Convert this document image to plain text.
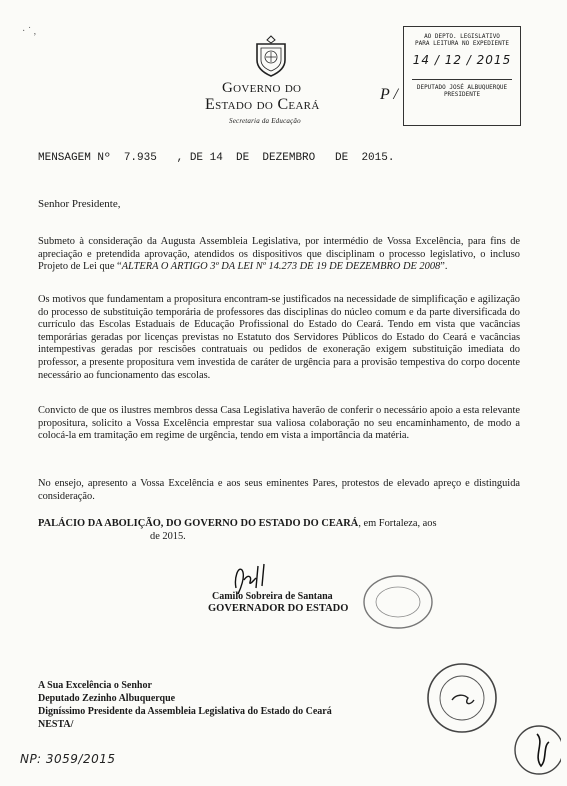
· ˙ ,
Governo do
Estado do Ceará
Secretaria da Educação
P /
AO DEPTO. LEGISLATIVO
PARA LEITURA NO EXPEDIENTE
14 / 12 / 2015
DEPUTADO JOSÉ ALBUQUERQUE
PRESIDENTE
MENSAGEM Nº  7.935   , DE 14  DE  DEZEMBRO   DE  2015.
Senhor Presidente,
Submeto à consideração da Augusta Assembleia Legislativa, por intermédio de Vossa Excelência, para fins de apreciação e pretendida aprovação, atendidos os dispositivos que disciplinam o processo legislativo, o incluso Projeto de Lei que “ALTERA O ARTIGO 3º DA LEI Nº 14.273 DE 19 DE DEZEMBRO DE 2008”.
Os motivos que fundamentam a propositura encontram-se justificados na necessidade de simplificação e agilização do processo de substituição temporária de professores das disciplinas do núcleo comum e da parte diversificada do currículo das Escolas Estaduais de Educação Profissional do Estado do Ceará. Tendo em vista que vacâncias temporárias geradas por licenças previstas no Estatuto dos Servidores Públicos do Estado do Ceará e vacâncias intempestivas geradas por rescisões contratuais ou pedidos de exoneração exigem substituição imediata do professor, a presente propositura vem investida de caráter de urgência para a provisão tempestiva do corpo docente necessário ao funcionamento das escolas.
Convicto de que os ilustres membros dessa Casa Legislativa haverão de conferir o necessário apoio a esta relevante propositura, solicito a Vossa Excelência emprestar sua valiosa colaboração no seu encaminhamento, de modo a colocá-la em tramitação em regime de urgência, tendo em vista a importância da matéria.
No ensejo, apresento a Vossa Excelência e aos seus eminentes Pares, protestos de elevado apreço e distinguida consideração.
PALÁCIO DA ABOLIÇÃO, DO GOVERNO DO ESTADO DO CEARÁ, em Fortaleza, aos
de 2015.
Camilo Sobreira de Santana
GOVERNADOR DO ESTADO
A Sua Excelência o Senhor
Deputado Zezinho Albuquerque
Digníssimo Presidente da Assembleia Legislativa do Estado do Ceará
NESTA/
NP: 3059/2015
